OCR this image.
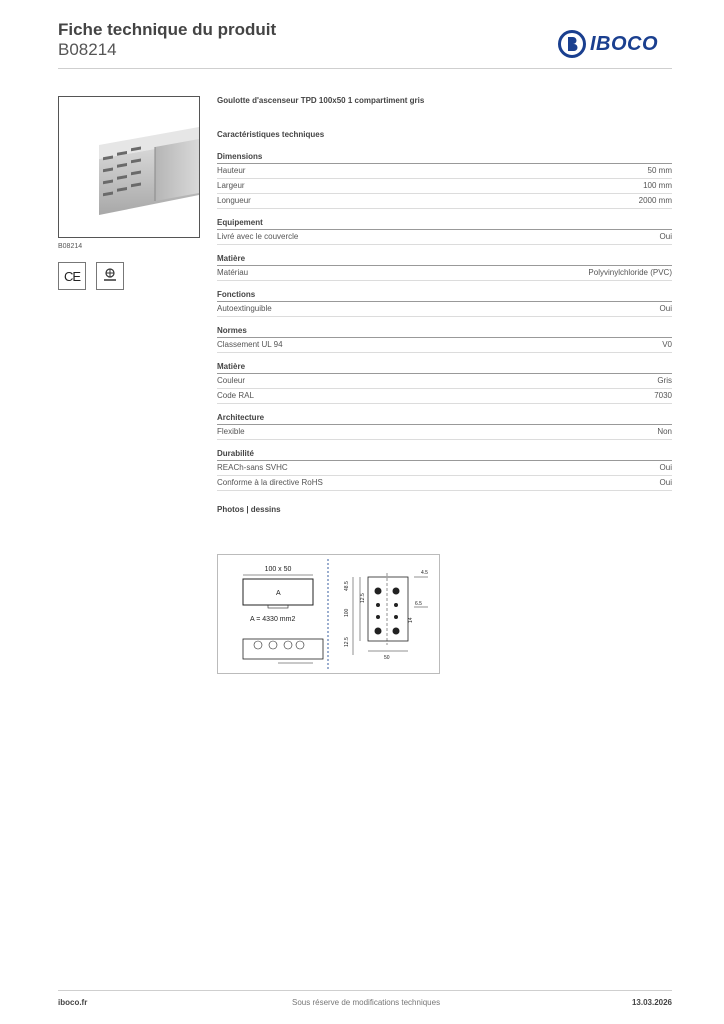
Fiche technique du produit
B08214	IBOCO
B08214
CE
Goulotte d'ascenseur TPD 100x50 1 compartiment gris
Caractéristiques techniques
Dimensions
Hauteur	50 mm
Largeur	100 mm
Longueur	2000 mm
Equipement
Livré avec le couvercle	Oui
Matière
Matériau	Polyvinylchloride (PVC)
Fonctions
Autoextinguible	Oui
Normes
Classement UL 94	V0
Matière
Couleur	Gris
Code RAL	7030
Architecture
Flexible	Non
Durabilité
REACh-sans SVHC	Oui
Conforme à la directive RoHS	Oui
Photos | dessins
100 x 50
A
A = 4330 mm2
4.5
6.5
50
48.5
100
12.5
12.5
14
iboco.fr	Sous réserve de modifications techniques	13.03.2026
